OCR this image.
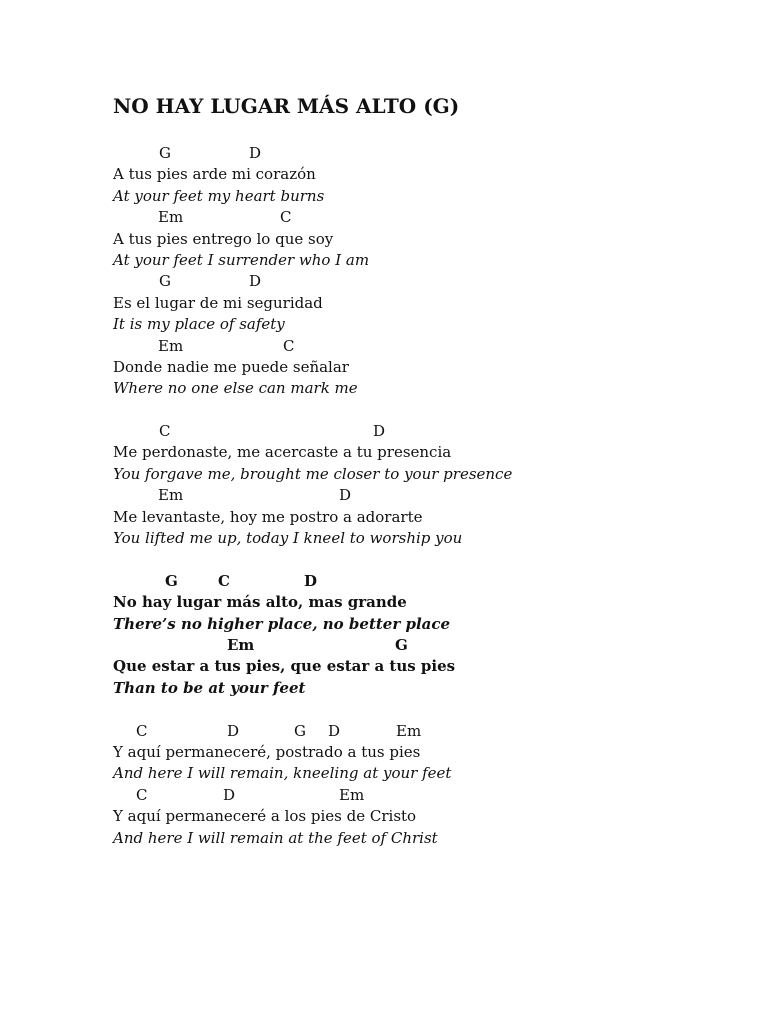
NO HAY LUGAR MÁS ALTO (G)
G	D
A tus pies arde mi corazón
At your feet my heart burns
Em	C
A tus pies entrego lo que soy
At your feet I surrender who I am
G	D
Es el lugar de mi seguridad
It is my place of safety
Em	C
Donde nadie me puede señalar
Where no one else can mark me
C	D
Me perdonaste, me acercaste a tu presencia
You forgave me, brought me closer to your presence
Em	D
Me levantaste, hoy me postro a adorarte
You lifted me up, today I kneel to worship you
G	C	D
No hay lugar más alto, mas grande
There’s no higher place, no better place
Em	G
Que estar a tus pies, que estar a tus pies
Than to be at your feet
C	D	G D	Em
Y aquí permaneceré, postrado a tus pies
And here I will remain, kneeling at your feet
C	D	Em
Y aquí permaneceré a los pies de Cristo
And here I will remain at the feet of Christ
